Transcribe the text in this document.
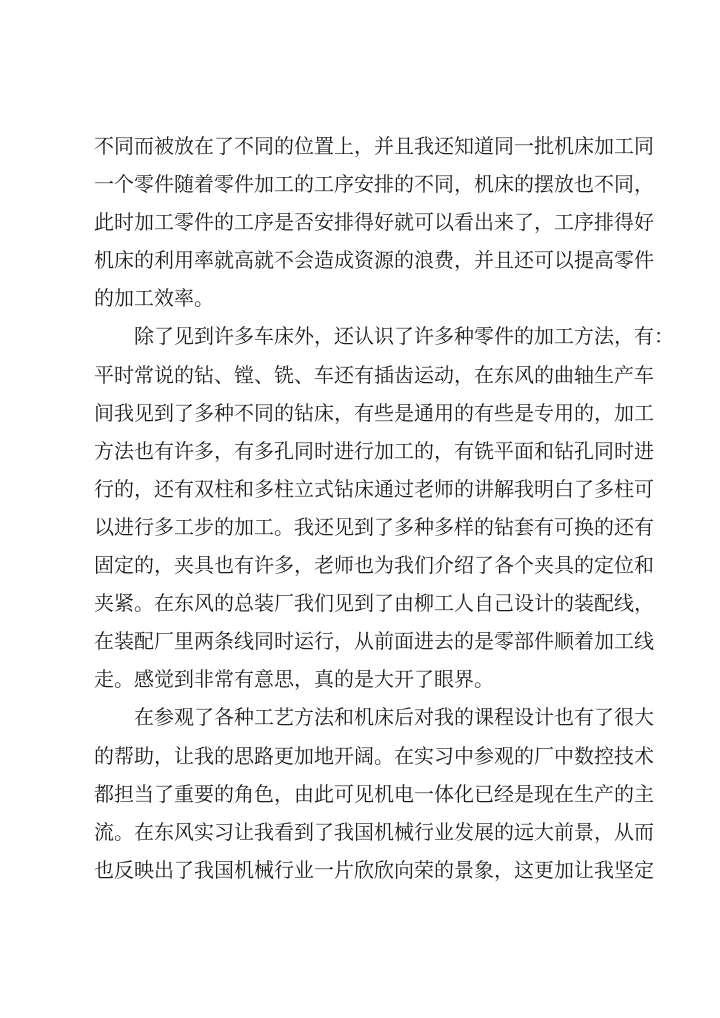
不同而被放在了不同的位置上，并且我还知道同一批机床加工同
一个零件随着零件加工的工序安排的不同，机床的摆放也不同，
此时加工零件的工序是否安排得好就可以看出来了，工序排得好
机床的利用率就高就不会造成资源的浪费，并且还可以提高零件
的加工效率。
除了见到许多车床外，还认识了许多种零件的加工方法，有：
平时常说的钻、镗、铣、车还有插齿运动，在东风的曲轴生产车
间我见到了多种不同的钻床，有些是通用的有些是专用的，加工
方法也有许多，有多孔同时进行加工的，有铣平面和钻孔同时进
行的，还有双柱和多柱立式钻床通过老师的讲解我明白了多柱可
以进行多工步的加工。我还见到了多种多样的钻套有可换的还有
固定的，夹具也有许多，老师也为我们介绍了各个夹具的定位和
夹紧。在东风的总装厂我们见到了由柳工人自己设计的装配线，
在装配厂里两条线同时运行，从前面进去的是零部件顺着加工线
走。感觉到非常有意思，真的是大开了眼界。
在参观了各种工艺方法和机床后对我的课程设计也有了很大
的帮助，让我的思路更加地开阔。在实习中参观的厂中数控技术
都担当了重要的角色，由此可见机电一体化已经是现在生产的主
流。在东风实习让我看到了我国机械行业发展的远大前景，从而
也反映出了我国机械行业一片欣欣向荣的景象，这更加让我坚定
